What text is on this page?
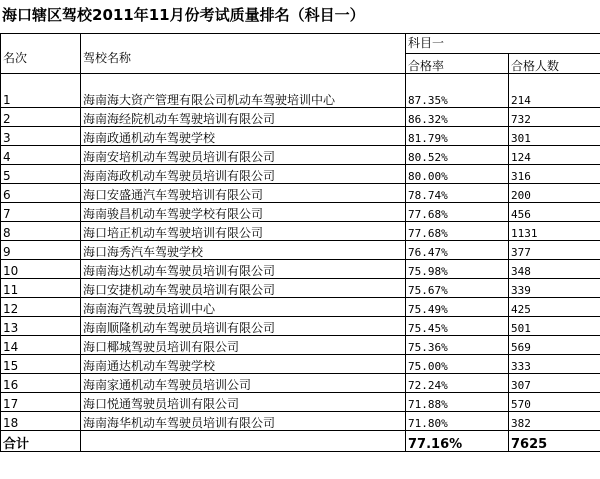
海口辖区驾校2011年11月份考试质量排名（科目一）
名次	驾校名称	科目一	
		合格率	合格人数
1	海南海大资产管理有限公司机动车驾驶培训中心	87.35%	214
2	海南海经院机动车驾驶培训有限公司	86.32%	732
3	海南政通机动车驾驶学校	81.79%	301
4	海南安培机动车驾驶员培训有限公司	80.52%	124
5	海南海政机动车驾驶员培训有限公司	80.00%	316
6	海口安盛通汽车驾驶培训有限公司	78.74%	200
7	海南骏昌机动车驾驶学校有限公司	77.68%	456
8	海口培正机动车驾驶培训有限公司	77.68%	1131
9	海口海秀汽车驾驶学校	76.47%	377
10	海南海达机动车驾驶员培训有限公司	75.98%	348
11	海口安捷机动车驾驶员培训有限公司	75.67%	339
12	海南海汽驾驶员培训中心	75.49%	425
13	海南顺隆机动车驾驶员培训有限公司	75.45%	501
14	海口椰城驾驶员培训有限公司	75.36%	569
15	海南通达机动车驾驶学校	75.00%	333
16	海南家通机动车驾驶员培训公司	72.24%	307
17	海口悦通驾驶员培训有限公司	71.88%	570
18	海南海华机动车驾驶员培训有限公司	71.80%	382
合计		77.16%	7625
